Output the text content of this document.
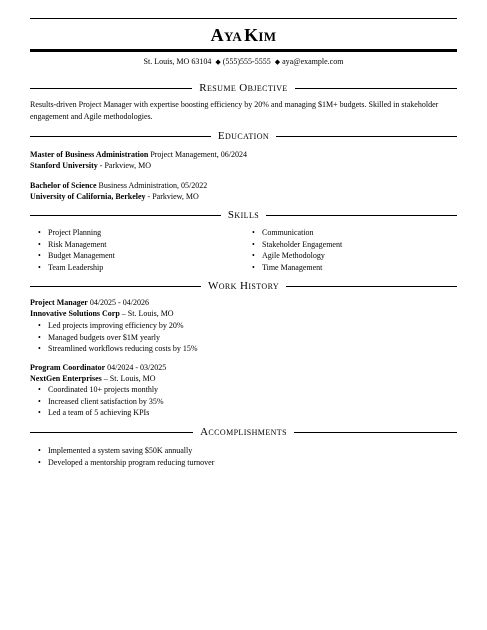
Aya Kim
St. Louis, MO 63104 ◆ (555)555-5555 ◆ aya@example.com
Resume Objective
Results-driven Project Manager with expertise boosting efficiency by 20% and managing $1M+ budgets. Skilled in stakeholder engagement and Agile methodologies.
Education
Master of Business Administration Project Management, 06/2024
Stanford University - Parkview, MO
Bachelor of Science Business Administration, 05/2022
University of California, Berkeley - Parkview, MO
Skills
• Project Planning
• Risk Management
• Budget Management
• Team Leadership
• Communication
• Stakeholder Engagement
• Agile Methodology
• Time Management
Work History
Project Manager 04/2025 - 04/2026
Innovative Solutions Corp – St. Louis, MO
• Led projects improving efficiency by 20%
• Managed budgets over $1M yearly
• Streamlined workflows reducing costs by 15%
Program Coordinator 04/2024 - 03/2025
NextGen Enterprises – St. Louis, MO
• Coordinated 10+ projects monthly
• Increased client satisfaction by 35%
• Led a team of 5 achieving KPIs
Accomplishments
• Implemented a system saving $50K annually
• Developed a mentorship program reducing turnover
